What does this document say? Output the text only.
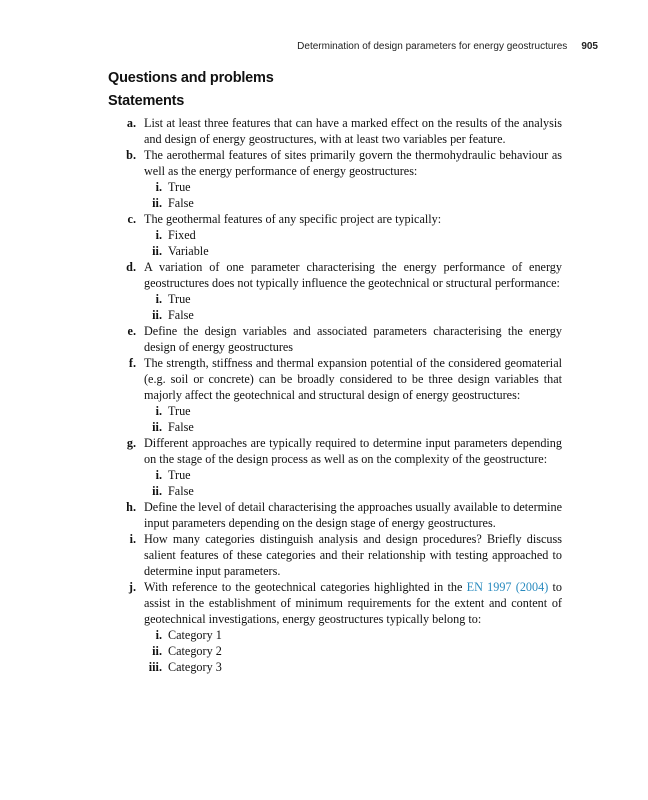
Determination of design parameters for energy geostructures 905
Questions and problems
Statements
a. List at least three features that can have a marked effect on the results of the analysis and design of energy geostructures, with at least two variables per feature.
b. The aerothermal features of sites primarily govern the thermohydraulic behaviour as well as the energy performance of energy geostructures:
i. True
ii. False
c. The geothermal features of any specific project are typically:
i. Fixed
ii. Variable
d. A variation of one parameter characterising the energy performance of energy geostructures does not typically influence the geotechnical or structural performance:
i. True
ii. False
e. Define the design variables and associated parameters characterising the energy design of energy geostructures
f. The strength, stiffness and thermal expansion potential of the considered geomaterial (e.g. soil or concrete) can be broadly considered to be three design variables that majorly affect the geotechnical and structural design of energy geostructures:
i. True
ii. False
g. Different approaches are typically required to determine input parameters depending on the stage of the design process as well as on the complexity of the geostructure:
i. True
ii. False
h. Define the level of detail characterising the approaches usually available to determine input parameters depending on the design stage of energy geostructures.
i. How many categories distinguish analysis and design procedures? Briefly discuss salient features of these categories and their relationship with testing approached to determine input parameters.
j. With reference to the geotechnical categories highlighted in the EN 1997 (2004) to assist in the establishment of minimum requirements for the extent and content of geotechnical investigations, energy geostructures typically belong to:
i. Category 1
ii. Category 2
iii. Category 3
